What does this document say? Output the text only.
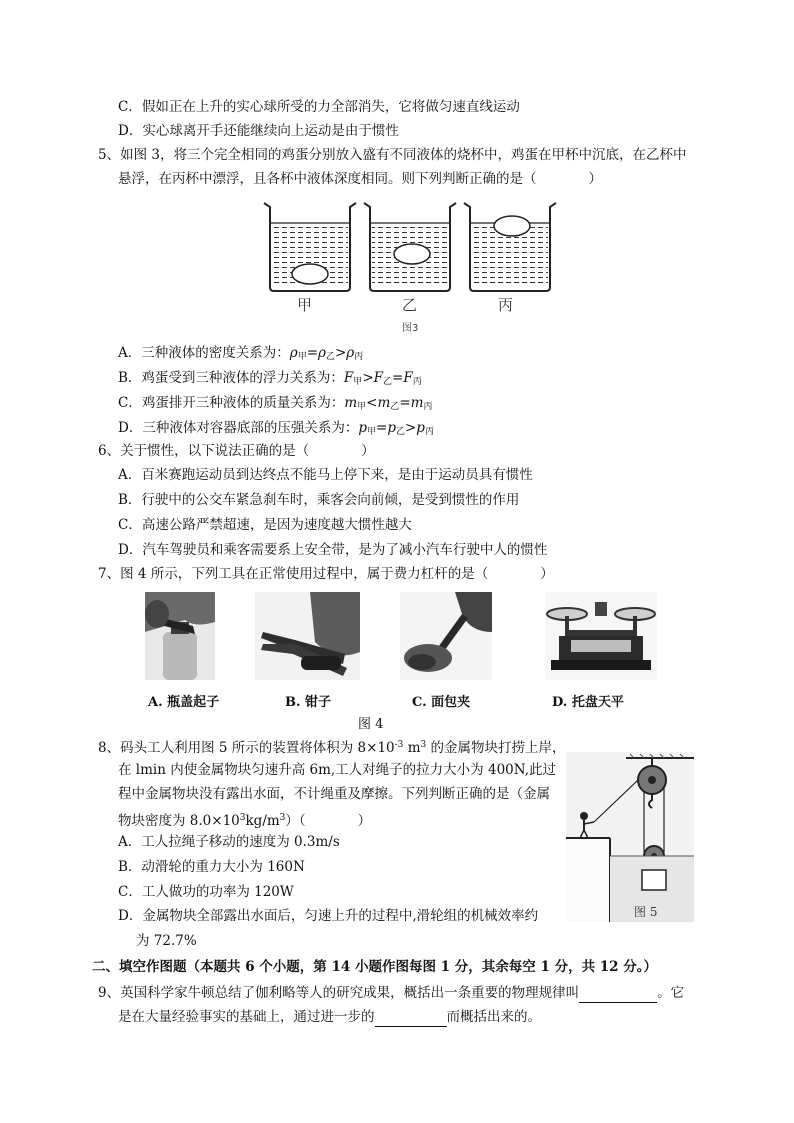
C．假如正在上升的实心球所受的力全部消失，它将做匀速直线运动
D．实心球离开手还能继续向上运动是由于惯性
5、如图 3，将三个完全相同的鸡蛋分别放入盛有不同液体的烧杯中，鸡蛋在甲杯中沉底，在乙杯中
悬浮，在丙杯中漂浮，且各杯中液体深度相同。则下列判断正确的是（	）
甲	乙	丙
图3
A．三种液体的密度关系为：$\rho_甲=\rho_乙>\rho_丙$
B．鸡蛋受到三种液体的浮力关系为：$F_甲>F_乙=F_丙$
C．鸡蛋排开三种液体的质量关系为：$m_甲<m_乙=m_丙$
D．三种液体对容器底部的压强关系为：$p_甲=p_乙>p_丙$
6、关于惯性，以下说法正确的是（	）
A．百米赛跑运动员到达终点不能马上停下来，是由于运动员具有惯性
B．行驶中的公交车紧急刹车时，乘客会向前倾，是受到惯性的作用
C．高速公路严禁超速，是因为速度越大惯性越大
D．汽车驾驶员和乘客需要系上安全带，是为了减小汽车行驶中人的惯性
7、图 4 所示，下列工具在正常使用过程中，属于费力杠杆的是（	）
A. 瓶盖起子	B. 钳子	C. 面包夹	D. 托盘天平
图 4
8、码头工人利用图 5 所示的装置将体积为 $8\times 10^{-3}$ $m^3$ 的金属物块打捞上岸，
在 lmin 内使金属物块匀速升高 6m,工人对绳子的拉力大小为 400N,此过
程中金属物块没有露出水面，不计绳重及摩擦。下列判断正确的是（金属
物块密度为 $8.0\times 10^3kg/m^3$）（	）
A．工人拉绳子移动的速度为 0.3m/s
B．动滑轮的重力大小为 160N
C．工人做功的功率为 120W
D．金属物块全部露出水面后，匀速上升的过程中,滑轮组的机械效率约
为 72.7%
图 5
二、填空作图题（本题共 6 个小题，第 14 小题作图每图 1 分，其余每空 1 分，共 12 分。）
9、英国科学家牛顿总结了伽利略等人的研究成果，概括出一条重要的物理规律叫	。它
是在大量经验事实的基础上，通过进一步的	而概括出来的。
